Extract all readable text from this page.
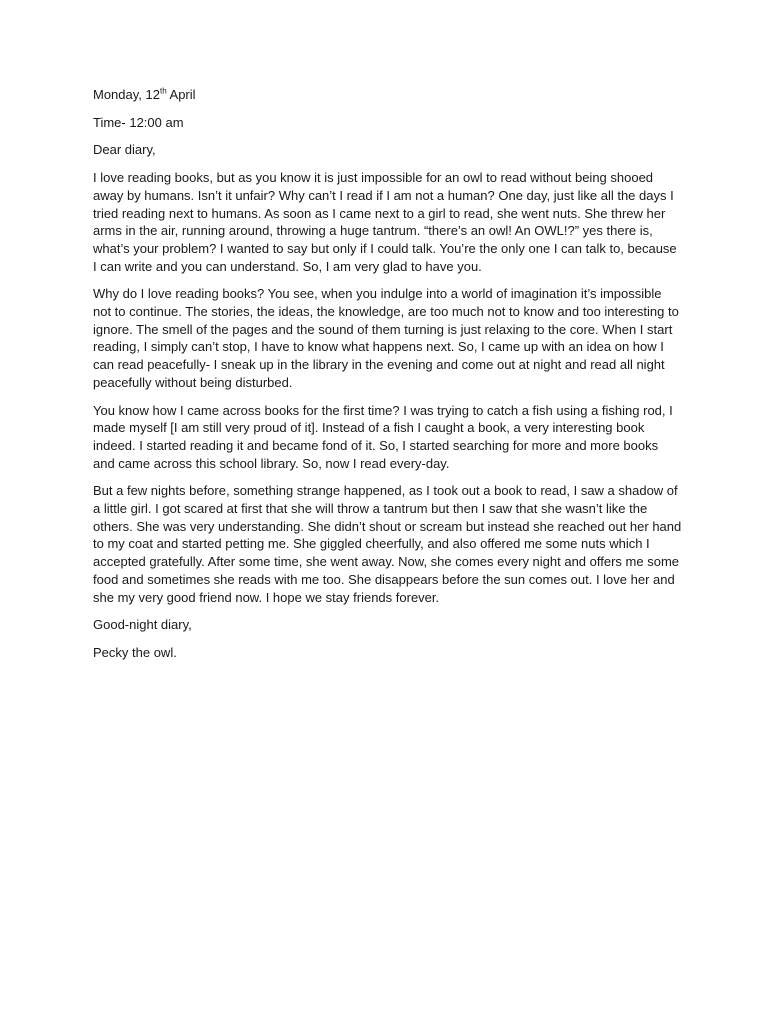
Monday, 12th April

Time- 12:00 am

Dear diary,

I love reading books, but as you know it is just impossible for an owl to read without being shooed away by humans. Isn’t it unfair? Why can’t I read if I am not a human? One day, just like all the days I tried reading next to humans. As soon as I came next to a girl to read, she went nuts. She threw her arms in the air, running around, throwing a huge tantrum. “there’s an owl! An OWL!?” yes there is, what’s your problem? I wanted to say but only if I could talk. You’re the only one I can talk to, because I can write and you can understand. So, I am very glad to have you.

Why do I love reading books? You see, when you indulge into a world of imagination it’s impossible not to continue. The stories, the ideas, the knowledge, are too much not to know and too interesting to ignore. The smell of the pages and the sound of them turning is just relaxing to the core. When I start reading, I simply can’t stop, I have to know what happens next. So, I came up with an idea on how I can read peacefully- I sneak up in the library in the evening and come out at night and read all night peacefully without being disturbed.

You know how I came across books for the first time? I was trying to catch a fish using a fishing rod, I made myself [I am still very proud of it]. Instead of a fish I caught a book, a very interesting book indeed. I started reading it and became fond of it. So, I started searching for more and more books and came across this school library. So, now I read every-day.

But a few nights before, something strange happened, as I took out a book to read, I saw a shadow of a little girl. I got scared at first that she will throw a tantrum but then I saw that she wasn’t like the others. She was very understanding. She didn’t shout or scream but instead she reached out her hand to my coat and started petting me. She giggled cheerfully, and also offered me some nuts which I accepted gratefully. After some time, she went away. Now, she comes every night and offers me some food and sometimes she reads with me too. She disappears before the sun comes out. I love her and she my very good friend now. I hope we stay friends forever.

Good-night diary,

Pecky the owl.
